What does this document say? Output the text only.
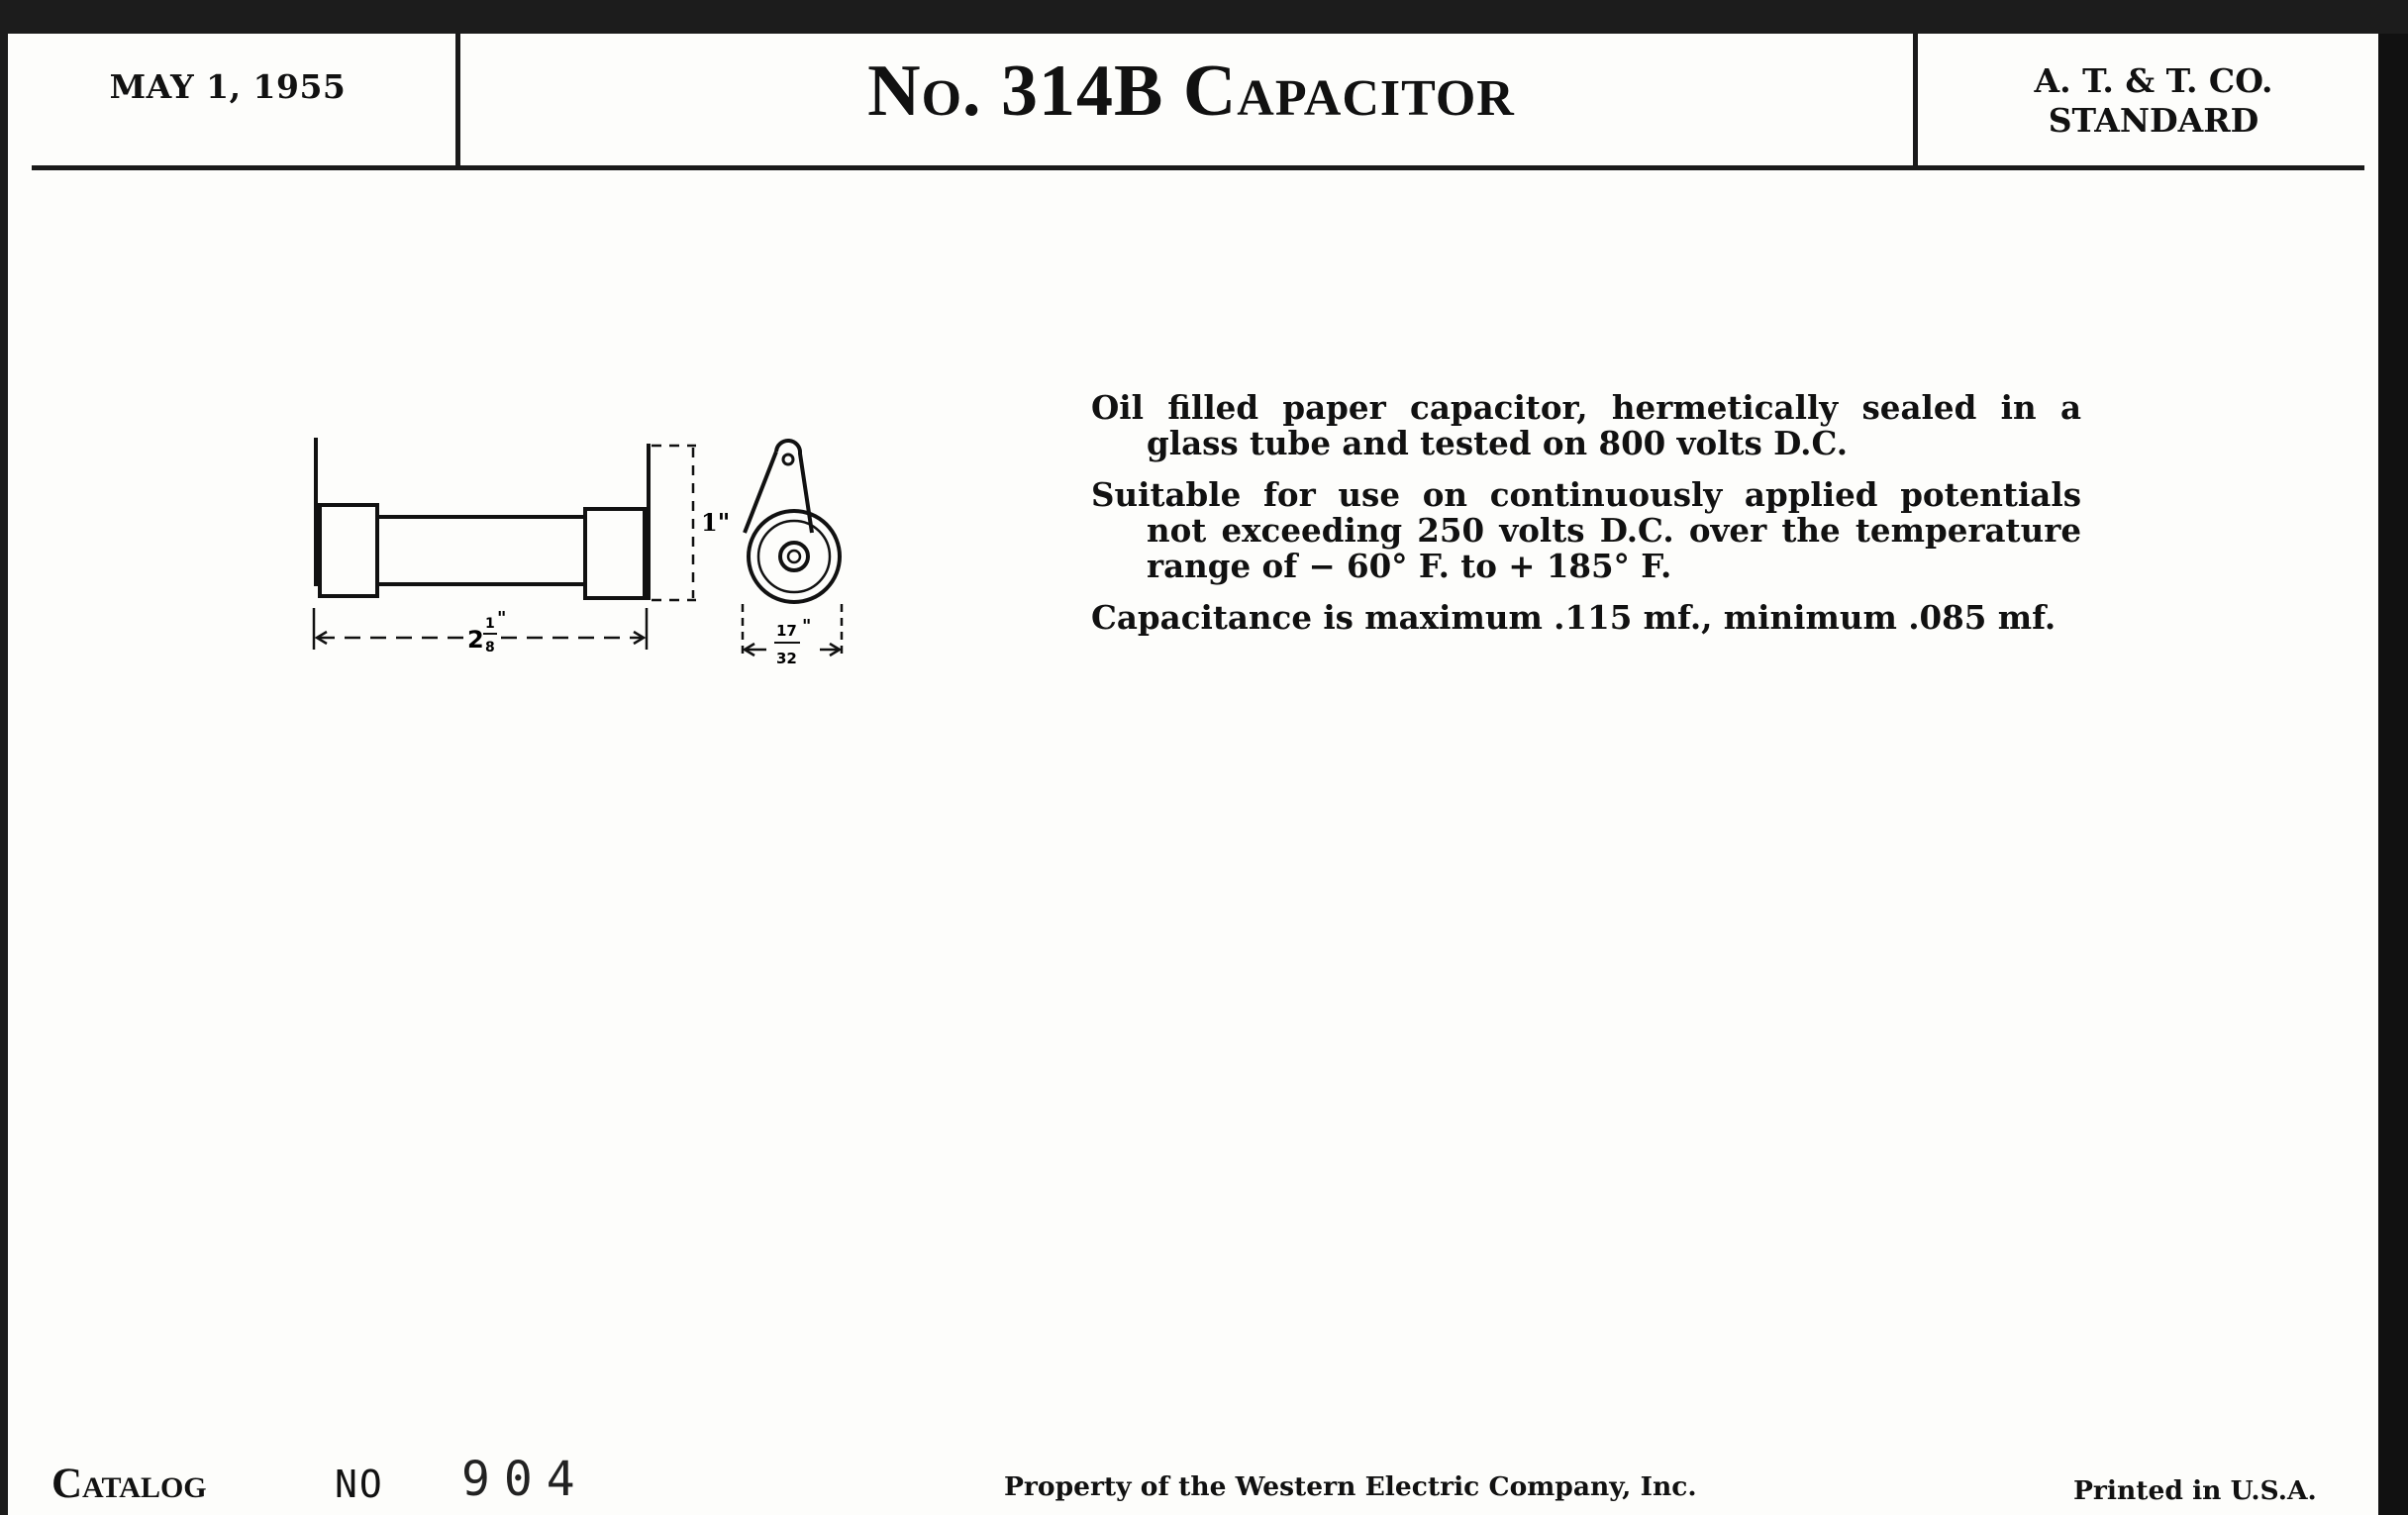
MAY 1, 1955	No. 314B Capacitor	A. T. & T. CO.
STANDARD
1"
2
1
8
"
17
32
"

Oil filled paper capacitor, hermetically sealed in a glass tube and tested on 800 volts D.C.

Suitable for use on continuously applied potentials not exceeding 250 volts D.C. over the temperature range of − 60° F. to + 185° F.

Capacitance is maximum .115 mf., minimum .085 mf.

Catalog	NO 904	Property of the Western Electric Company, Inc.	Printed in U.S.A.
